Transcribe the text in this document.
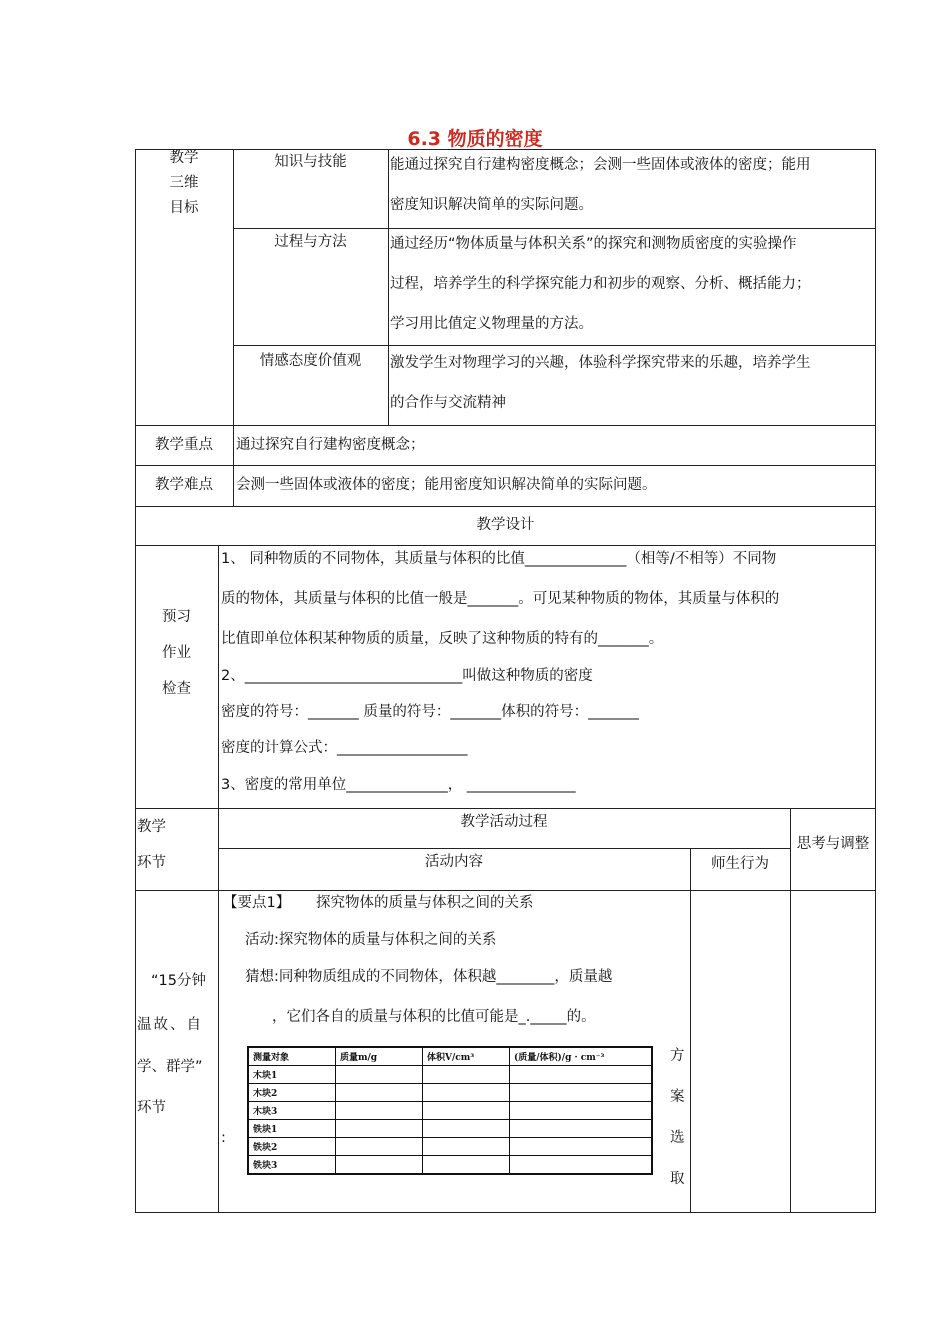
6.3 物质的密度
教学
三维
目标
知识与技能	能通过探究自行建构密度概念；会测一些固体或液体的密度；能用
密度知识解决简单的实际问题。
过程与方法	通过经历“物体质量与体积关系”的探究和测物质密度的实验操作
过程，培养学生的科学探究能力和初步的观察、分析、概括能力；
学习用比值定义物理量的方法。
情感态度价值观	激发学生对物理学习的兴趣，体验科学探究带来的乐趣，培养学生
的合作与交流精神
教学重点	通过探究自行建构密度概念；
教学难点	会测一些固体或液体的密度；能用密度知识解决简单的实际问题。
教学设计
预习
作业
检查
1、 同种物质的不同物体，其质量与体积的比值______________（相等/不相等）不同物
质的物体，其质量与体积的比值一般是_______。可见某种物质的物体，其质量与体积的
比值即单位体积某种物质的质量，反映了这种物质的特有的_______。
2、______________________________叫做这种物质的密度
密度的符号：_______ 质量的符号：_______体积的符号：_______
密度的计算公式：__________________
3、密度的常用单位______________， _______________
教学
环节
教学活动过程
活动内容	师生行为
思考与调整
“15分钟
温故、自
学、群学”
环节
【要点1】 探究物体的质量与体积之间的关系
活动:探究物体的质量与体积之间的关系
猜想:同种物质组成的不同物体，体积越________，质量越
，它们各自的质量与体积的比值可能是_._____的。
:
方
案
选
取
测量对象	质量m/g	体积V/cm³	(质量/体积)/g · cm⁻³
木块1			
木块2			
木块3			
铁块1			
铁块2			
铁块3			
